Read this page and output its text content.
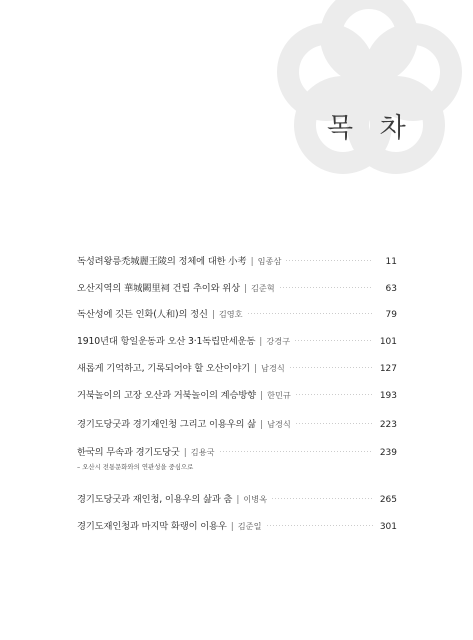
목 차
독성려왕릉禿城麗王陵의 정체에 대한 小考 | 임종삼	11
오산지역의 華城闕里祠 건립 추이와 위상 | 김준혁	63
독산성에 깃든 인화(人和)의 정신 | 김영호	79
1910년대 항일운동과 오산 3·1독립만세운동 | 강경구	101
새롭게 기억하고, 기록되어야 할 오산이야기 | 남경식	127
거북놀이의 고장 오산과 거북놀이의 계승방향 | 한민규	193
경기도당굿과 경기재인청 그리고 이용우의 삶 | 남경식	223
한국의 무속과 경기도당굿 | 김용국	239
– 오산시 전통문화와의 연관성을 중심으로
경기도당굿과 재인청, 이용우의 삶과 춤 | 이병옥	265
경기도재인청과 마지막 화랭이 이용우 | 김준일	301
